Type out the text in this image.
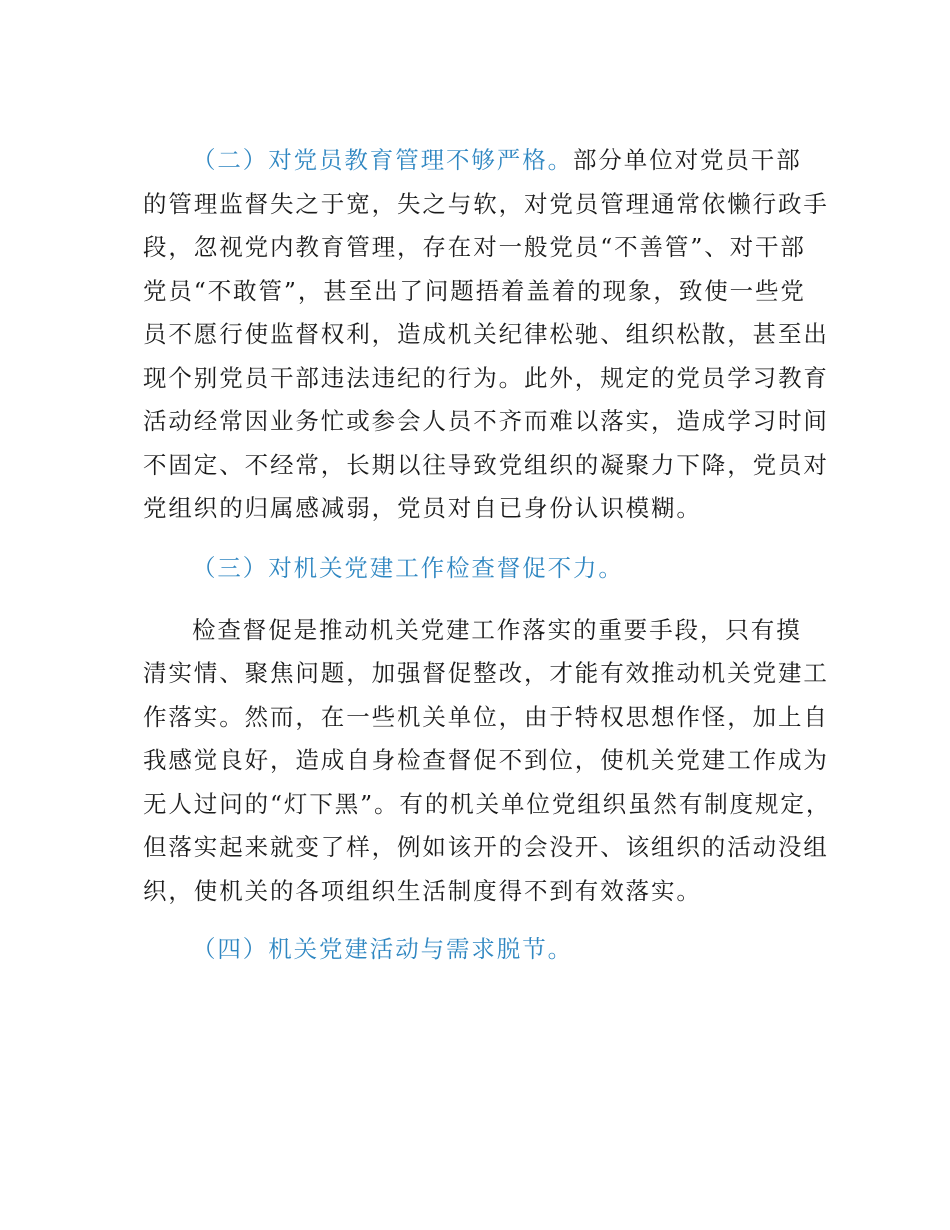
（二）对党员教育管理不够严格。部分单位对党员干部
的管理监督失之于宽，失之与软，对党员管理通常依懒行政手
段，忽视党内教育管理，存在对一般党员“不善管”、对干部
党员“不敢管”，甚至出了问题捂着盖着的现象，致使一些党
员不愿行使监督权利，造成机关纪律松驰、组织松散，甚至出
现个别党员干部违法违纪的行为。此外，规定的党员学习教育
活动经常因业务忙或参会人员不齐而难以落实，造成学习时间
不固定、不经常，长期以往导致党组织的凝聚力下降，党员对
党组织的归属感减弱，党员对自已身份认识模糊。
（三）对机关党建工作检查督促不力。
检查督促是推动机关党建工作落实的重要手段，只有摸
清实情、聚焦问题，加强督促整改，才能有效推动机关党建工
作落实。然而，在一些机关单位，由于特权思想作怪，加上自
我感觉良好，造成自身检查督促不到位，使机关党建工作成为
无人过问的“灯下黑”。有的机关单位党组织虽然有制度规定，
但落实起来就变了样，例如该开的会没开、该组织的活动没组
织，使机关的各项组织生活制度得不到有效落实。
（四）机关党建活动与需求脱节。
